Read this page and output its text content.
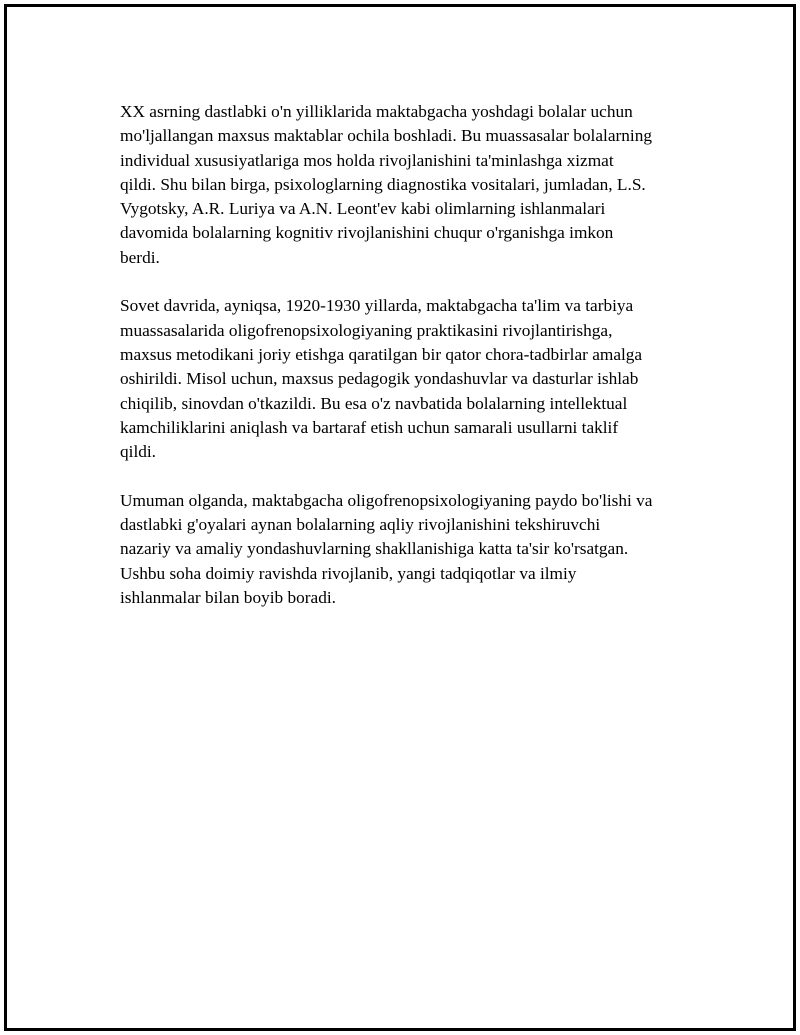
XX asrning dastlabki o'n yilliklarida maktabgacha yoshdagi bolalar uchun
mo'ljallangan maxsus maktablar ochila boshladi. Bu muassasalar bolalarning
individual xususiyatlariga mos holda rivojlanishini ta'minlashga xizmat
qildi. Shu bilan birga, psixologlarning diagnostika vositalari, jumladan, L.S.
Vygotsky, A.R. Luriya va A.N. Leont'ev kabi olimlarning ishlanmalari
davomida bolalarning kognitiv rivojlanishini chuqur o'rganishga imkon
berdi.

Sovet davrida, ayniqsa, 1920-1930 yillarda, maktabgacha ta'lim va tarbiya
muassasalarida oligofrenopsixologiyaning praktikasini rivojlantirishga,
maxsus metodikani joriy etishga qaratilgan bir qator chora-tadbirlar amalga
oshirildi. Misol uchun, maxsus pedagogik yondashuvlar va dasturlar ishlab
chiqilib, sinovdan o'tkazildi. Bu esa o'z navbatida bolalarning intellektual
kamchiliklarini aniqlash va bartaraf etish uchun samarali usullarni taklif
qildi.

Umuman olganda, maktabgacha oligofrenopsixologiyaning paydo bo'lishi va
dastlabki g'oyalari aynan bolalarning aqliy rivojlanishini tekshiruvchi
nazariy va amaliy yondashuvlarning shakllanishiga katta ta'sir ko'rsatgan.
Ushbu soha doimiy ravishda rivojlanib, yangi tadqiqotlar va ilmiy
ishlanmalar bilan boyib boradi.
